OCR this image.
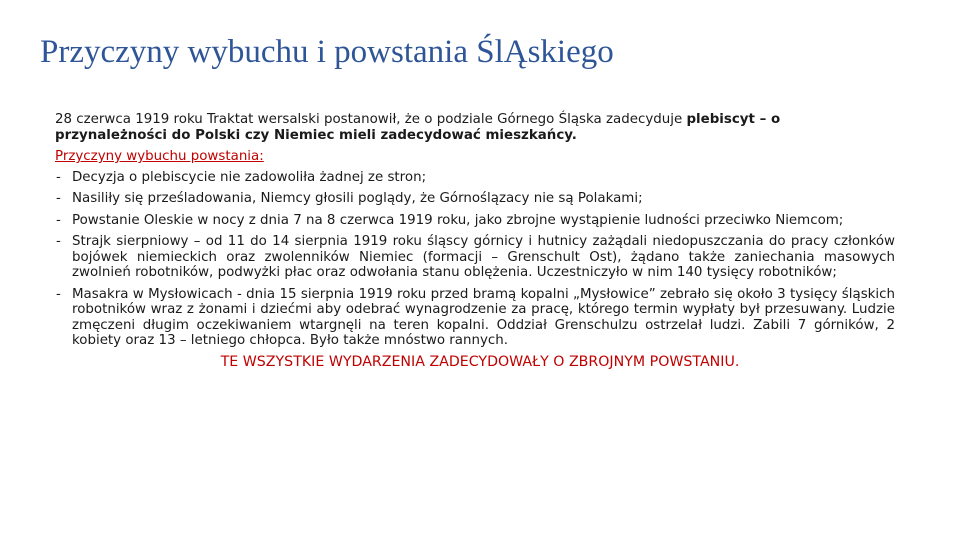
Przyczyny wybuchu i powstania ŚlĄskiego

28 czerwca 1919 roku Traktat wersalski postanowił, że o podziale Górnego Śląska zadecyduje plebiscyt – o przynależności do Polski czy Niemiec mieli zadecydować mieszkańcy.

Przyczyny wybuchu powstania:
- Decyzja o plebiscycie nie zadowoliła żadnej ze stron;
- Nasiliły się prześladowania, Niemcy głosili poglądy, że Górnoślązacy nie są Polakami;
- Powstanie Oleskie w nocy z dnia 7 na 8 czerwca 1919 roku, jako zbrojne wystąpienie ludności przeciwko Niemcom;
- Strajk sierpniowy – od 11 do 14 sierpnia 1919 roku śląscy górnicy i hutnicy zażądali niedopuszczania do pracy członków bojówek niemieckich oraz zwolenników Niemiec (formacji – Grenschult Ost), żądano także zaniechania masowych zwolnień robotników, podwyżki płac oraz odwołania stanu oblężenia. Uczestniczyło w nim 140 tysięcy robotników;
- Masakra w Mysłowicach - dnia 15 sierpnia 1919 roku przed bramą kopalni „Mysłowice” zebrało się około 3 tysięcy śląskich robotników wraz z żonami i dziećmi aby odebrać wynagrodzenie za pracę, którego termin wypłaty był przesuwany. Ludzie zmęczeni długim oczekiwaniem wtargnęli na teren kopalni. Oddział Grenschulzu ostrzelał ludzi. Zabili 7 górników, 2 kobiety oraz 13 – letniego chłopca. Było także mnóstwo rannych.
TE WSZYSTKIE WYDARZENIA ZADECYDOWAŁY O ZBROJNYM POWSTANIU.
